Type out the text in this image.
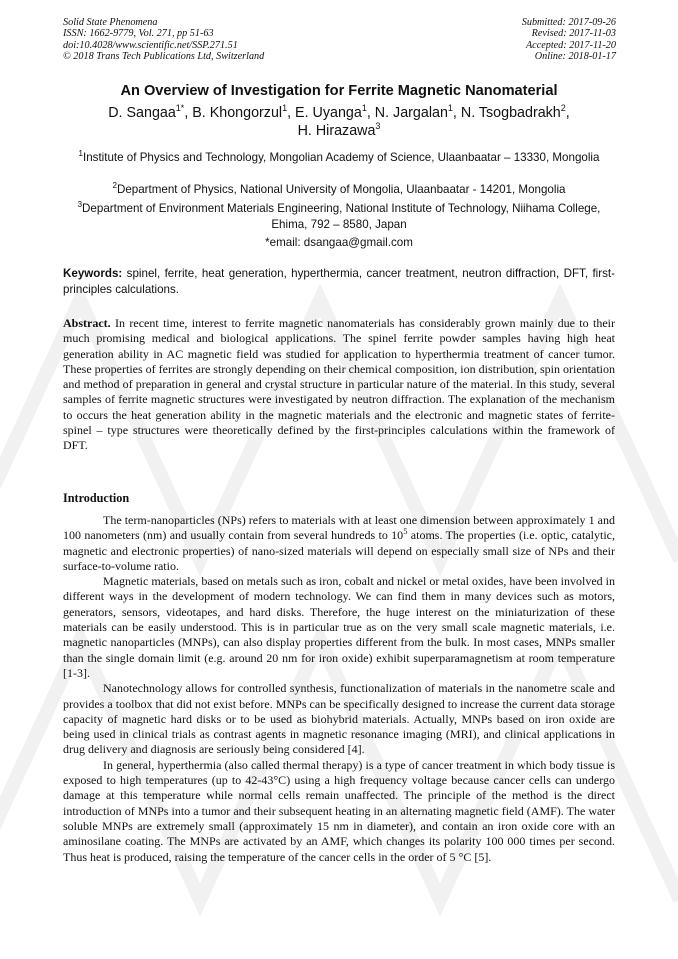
Solid State Phenomena
ISSN: 1662-9779, Vol. 271, pp 51-63
doi:10.4028/www.scientific.net/SSP.271.51
© 2018 Trans Tech Publications Ltd, Switzerland
Submitted: 2017-09-26
Revised: 2017-11-03
Accepted: 2017-11-20
Online: 2018-01-17
An Overview of Investigation for Ferrite Magnetic Nanomaterial
D. Sangaa$^{1*}$, B. Khongorzul$^1$, E. Uyanga$^1$, N. Jargalan$^1$, N. Tsogbadrakh$^2$,
H. Hirazawa$^3$
$^1$Institute of Physics and Technology, Mongolian Academy of Science, Ulaanbaatar – 13330, Mongolia
$^2$Department of Physics, National University of Mongolia, Ulaanbaatar - 14201, Mongolia
$^3$Department of Environment Materials Engineering, National Institute of Technology, Niihama College, Ehima, 792 – 8580, Japan
*email: dsangaa@gmail.com
Keywords: spinel, ferrite, heat generation, hyperthermia, cancer treatment, neutron diffraction, DFT, first-principles calculations.
Abstract. In recent time, interest to ferrite magnetic nanomaterials has considerably grown mainly due to their much promising medical and biological applications. The spinel ferrite powder samples having high heat generation ability in AC magnetic field was studied for application to hyperthermia treatment of cancer tumor. These properties of ferrites are strongly depending on their chemical composition, ion distribution, spin orientation and method of preparation in general and crystal structure in particular nature of the material. In this study, several samples of ferrite magnetic structures were investigated by neutron diffraction. The explanation of the mechanism to occurs the heat generation ability in the magnetic materials and the electronic and magnetic states of ferrite-spinel – type structures were theoretically defined by the first-principles calculations within the framework of DFT.
Introduction

The term-nanoparticles (NPs) refers to materials with at least one dimension between approximately 1 and 100 nanometers (nm) and usually contain from several hundreds to $10^5$ atoms. The properties (i.e. optic, catalytic, magnetic and electronic properties) of nano-sized materials will depend on especially small size of NPs and their surface-to-volume ratio.

Magnetic materials, based on metals such as iron, cobalt and nickel or metal oxides, have been involved in different ways in the development of modern technology. We can find them in many devices such as motors, generators, sensors, videotapes, and hard disks. Therefore, the huge interest on the miniaturization of these materials can be easily understood. This is in particular true as on the very small scale magnetic materials, i.e. magnetic nanoparticles (MNPs), can also display properties different from the bulk. In most cases, MNPs smaller than the single domain limit (e.g. around 20 nm for iron oxide) exhibit superparamagnetism at room temperature [1-3].

Nanotechnology allows for controlled synthesis, functionalization of materials in the nanometre scale and provides a toolbox that did not exist before. MNPs can be specifically designed to increase the current data storage capacity of magnetic hard disks or to be used as biohybrid materials. Actually, MNPs based on iron oxide are being used in clinical trials as contrast agents in magnetic resonance imaging (MRI), and clinical applications in drug delivery and diagnosis are seriously being considered [4].

In general, hyperthermia (also called thermal therapy) is a type of cancer treatment in which body tissue is exposed to high temperatures (up to 42-43°C) using a high frequency voltage because cancer cells can undergo damage at this temperature while normal cells remain unaffected. The principle of the method is the direct introduction of MNPs into a tumor and their subsequent heating in an alternating magnetic field (AMF). The water soluble MNPs are extremely small (approximately 15 nm in diameter), and contain an iron oxide core with an aminosilane coating. The MNPs are activated by an AMF, which changes its polarity 100 000 times per second. Thus heat is produced, raising the temperature of the cancer cells in the order of 5 °C [5].
